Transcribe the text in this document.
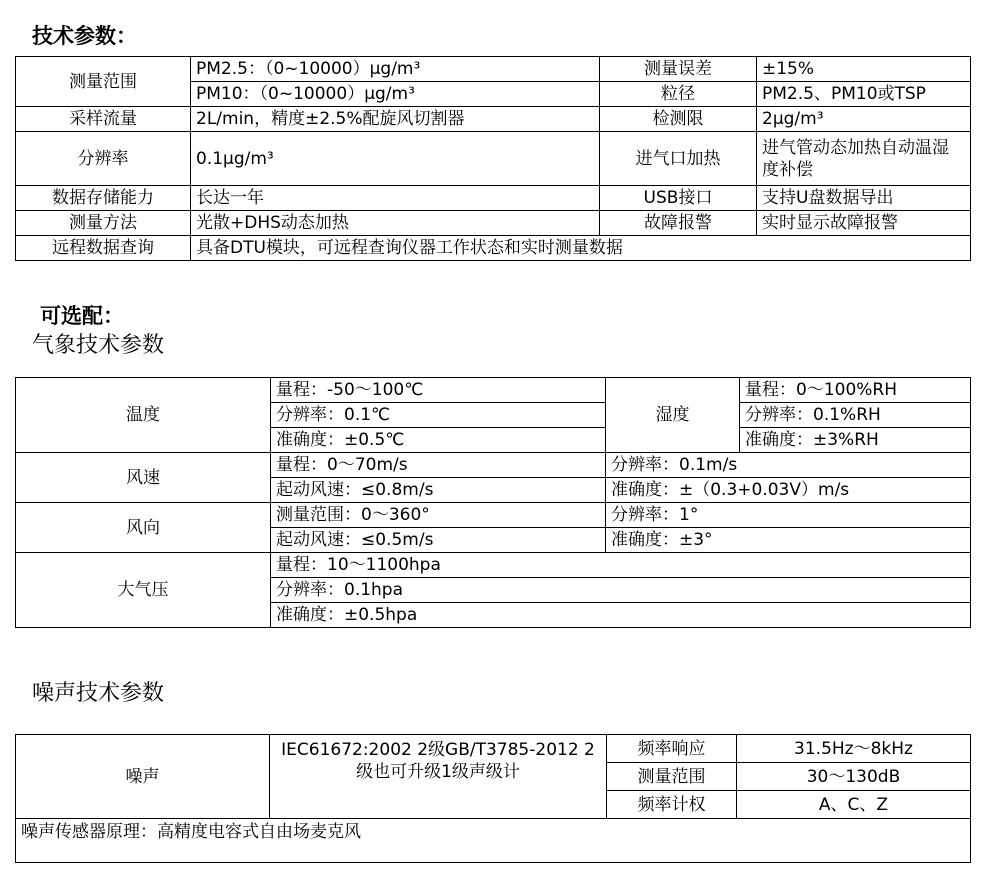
技术参数：
测量范围	PM2.5：（0~10000）μg/m³	测量误差	±15%
	PM10：（0~10000）μg/m³	粒径	PM2.5、PM10或TSP
采样流量	2L/min，精度±2.5%配旋风切割器	检测限	2μg/m³
分辨率	0.1μg/m³	进气口加热	进气管动态加热自动温湿度补偿
数据存储能力	长达一年	USB接口	支持U盘数据导出
测量方法	光散+DHS动态加热	故障报警	实时显示故障报警
远程数据查询	具备DTU模块，可远程查询仪器工作状态和实时测量数据		
可选配：
气象技术参数
温度	量程：-50～100℃	湿度	量程：0～100%RH
	分辨率：0.1℃		分辨率：0.1%RH
	准确度：±0.5℃		准确度：±3%RH
风速	量程：0～70m/s	分辨率：0.1m/s	
	起动风速：≤0.8m/s	准确度：±（0.3+0.03V）m/s	
风向	测量范围：0～360°	分辨率：1°	
	起动风速：≤0.5m/s	准确度：±3°	
大气压	量程：10～1100hpa		
	分辨率：0.1hpa		
	准确度：±0.5hpa		
噪声技术参数
噪声	IEC61672:2002 2级GB/T3785-2012 2级也可升级1级声级计	频率响应	31.5Hz～8kHz
		测量范围	30～130dB
		频率计权	A、C、Z
噪声传感器原理：高精度电容式自由场麦克风			
